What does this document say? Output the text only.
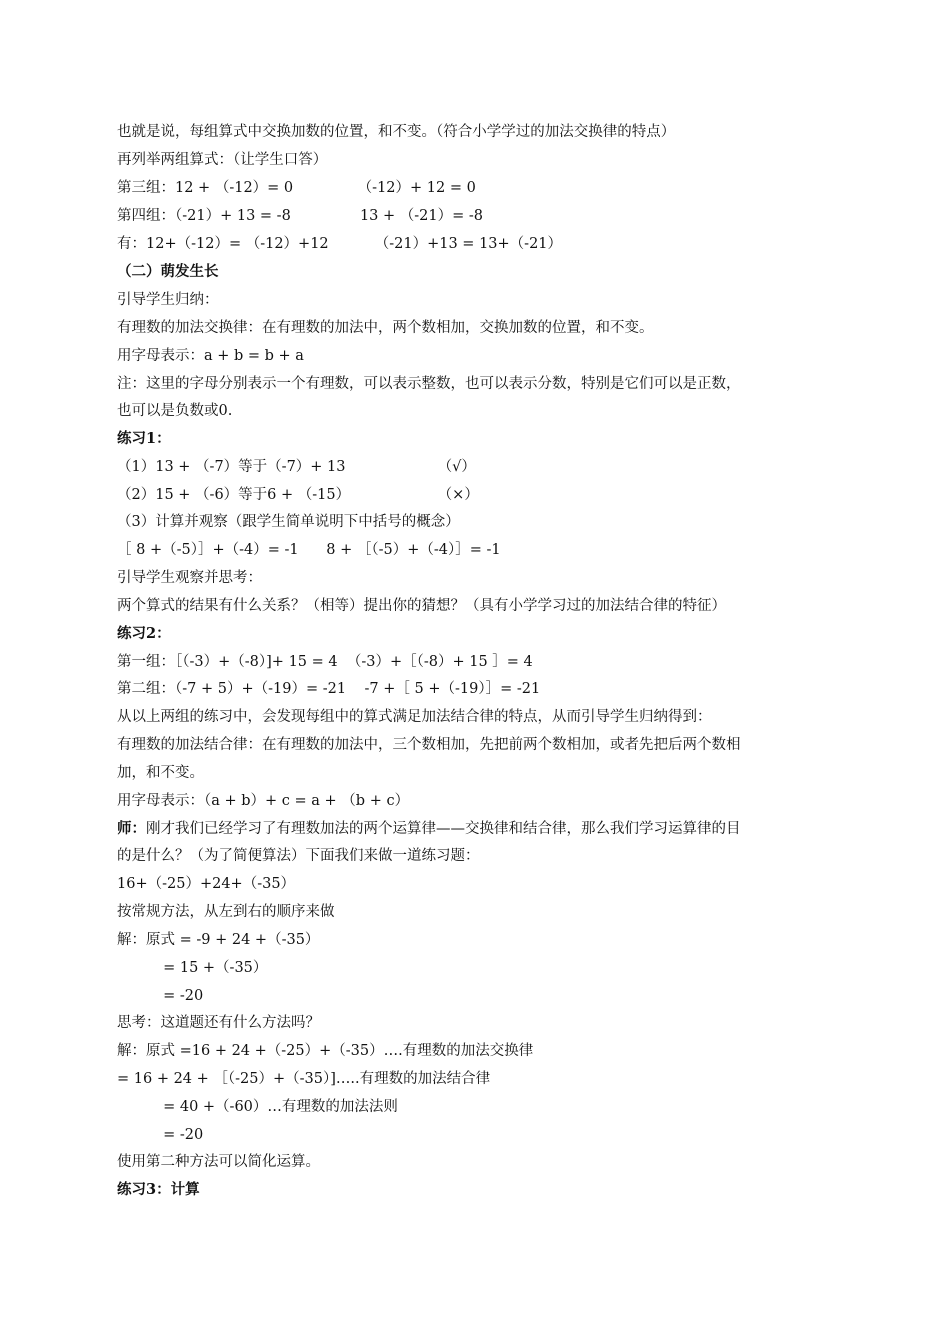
也就是说，每组算式中交换加数的位置，和不变。（符合小学学过的加法交换律的特点）
再列举两组算式：（让学生口答）
第三组：12 + （-12）= 0              （-12）+ 12 = 0
第四组：（-21）+ 13 = -8               13 + （-21）= -8
有：12+（-12）= （-12）+12          （-21）+13 = 13+（-21）
（二）萌发生长
引导学生归纳：
有理数的加法交换律：在有理数的加法中，两个数相加，交换加数的位置，和不变。
用字母表示：a + b = b + a
注：这里的字母分别表示一个有理数，可以表示整数，也可以表示分数，特别是它们可以是正数，
也可以是负数或0.
练习1：
（1）13 + （-7）等于（-7）+ 13                    （√）
（2）15 + （-6）等于6 + （-15）                   （×）
（3）计算并观察（跟学生简单说明下中括号的概念）
［ 8 +（-5）］+（-4）= -1      8 + ［（-5）+（-4）］= -1
引导学生观察并思考：
两个算式的结果有什么关系？（相等）提出你的猜想？（具有小学学习过的加法结合律的特征）
练习2：
第一组：［（-3）+（-8）]+ 15 = 4  （-3）+［（-8）+ 15 ］= 4
第二组：（-7 + 5）+（-19）= -21    -7 +［ 5 +（-19）］= -21
从以上两组的练习中，会发现每组中的算式满足加法结合律的特点，从而引导学生归纳得到：
有理数的加法结合律：在有理数的加法中，三个数相加，先把前两个数相加，或者先把后两个数相
加，和不变。
用字母表示：（a + b）+ c = a + （b + c）
师：刚才我们已经学习了有理数加法的两个运算律——交换律和结合律，那么我们学习运算律的目
的是什么？（为了简便算法）下面我们来做一道练习题：
16+（-25）+24+（-35）
按常规方法，从左到右的顺序来做
解：原式 = -9 + 24 +（-35）
= 15 +（-35）
= -20
思考：这道题还有什么方法吗？
解：原式 =16 + 24 +（-25）+（-35）….有理数的加法交换律
= 16 + 24 + ［（-25）+（-35）]…..有理数的加法结合律
= 40 +（-60）…有理数的加法法则
= -20
使用第二种方法可以简化运算。
练习3：计算
